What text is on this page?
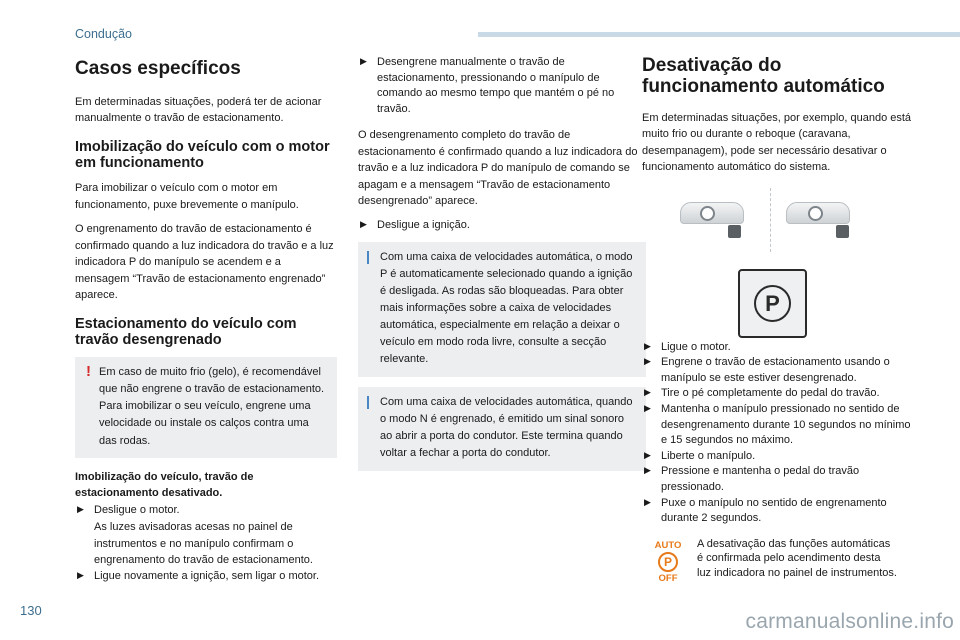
Condução
Casos específicos

Em determinadas situações, poderá ter de acionar manualmente o travão de estacionamento.

Imobilização do veículo com o motor em funcionamento

Para imobilizar o veículo com o motor em funcionamento, puxe brevemente o manípulo.

O engrenamento do travão de estacionamento é confirmado quando a luz indicadora do travão e a luz indicadora P do manípulo se acendem e a mensagem “Travão de estacionamento engrenado” aparece.

Estacionamento do veículo com travão desengrenado
! Em caso de muito frio (gelo), é recomendável que não engrene o travão de estacionamento. Para imobilizar o seu veículo, engrene uma velocidade ou instale os calços contra uma das rodas.

Imobilização do veículo, travão de estacionamento desativado.
▶ Desligue o motor.
As luzes avisadoras acesas no painel de instrumentos e no manípulo confirmam o engrenamento do travão de estacionamento.
▶ Ligue novamente a ignição, sem ligar o motor.
▶ Desengrene manualmente o travão de estacionamento, pressionando o manípulo de comando ao mesmo tempo que mantém o pé no travão.

O desengrenamento completo do travão de estacionamento é confirmado quando a luz indicadora do travão e a luz indicadora P do manípulo de comando se apagam e a mensagem “Travão de estacionamento desengrenado” aparece.

▶ Desligue a ignição.

Com uma caixa de velocidades automática, o modo P é automaticamente selecionado quando a ignição é desligada. As rodas são bloqueadas. Para obter mais informações sobre a caixa de velocidades automática, especialmente em relação a deixar o veículo em modo roda livre, consulte a secção relevante.

Com uma caixa de velocidades automática, quando o modo N é engrenado, é emitido um sinal sonoro ao abrir a porta do condutor. Este termina quando voltar a fechar a porta do condutor.

Desativação do funcionamento automático

Em determinadas situações, por exemplo, quando está muito frio ou durante o reboque (caravana, desempanagem), pode ser necessário desativar o funcionamento automático do sistema.

P
▶ Ligue o motor.
▶ Engrene o travão de estacionamento usando o manípulo se este estiver desengrenado.
▶ Tire o pé completamente do pedal do travão.
▶ Mantenha o manípulo pressionado no sentido de desengrenamento durante 10 segundos no mínimo e 15 segundos no máximo.
▶ Liberte o manípulo.
▶ Pressione e mantenha o pedal do travão pressionado.
▶ Puxe o manípulo no sentido de engrenamento durante 2 segundos.
AUTO
P
OFF
A desativação das funções automáticas é confirmada pelo acendimento desta luz indicadora no painel de instrumentos.
130	carmanualsonline.info
